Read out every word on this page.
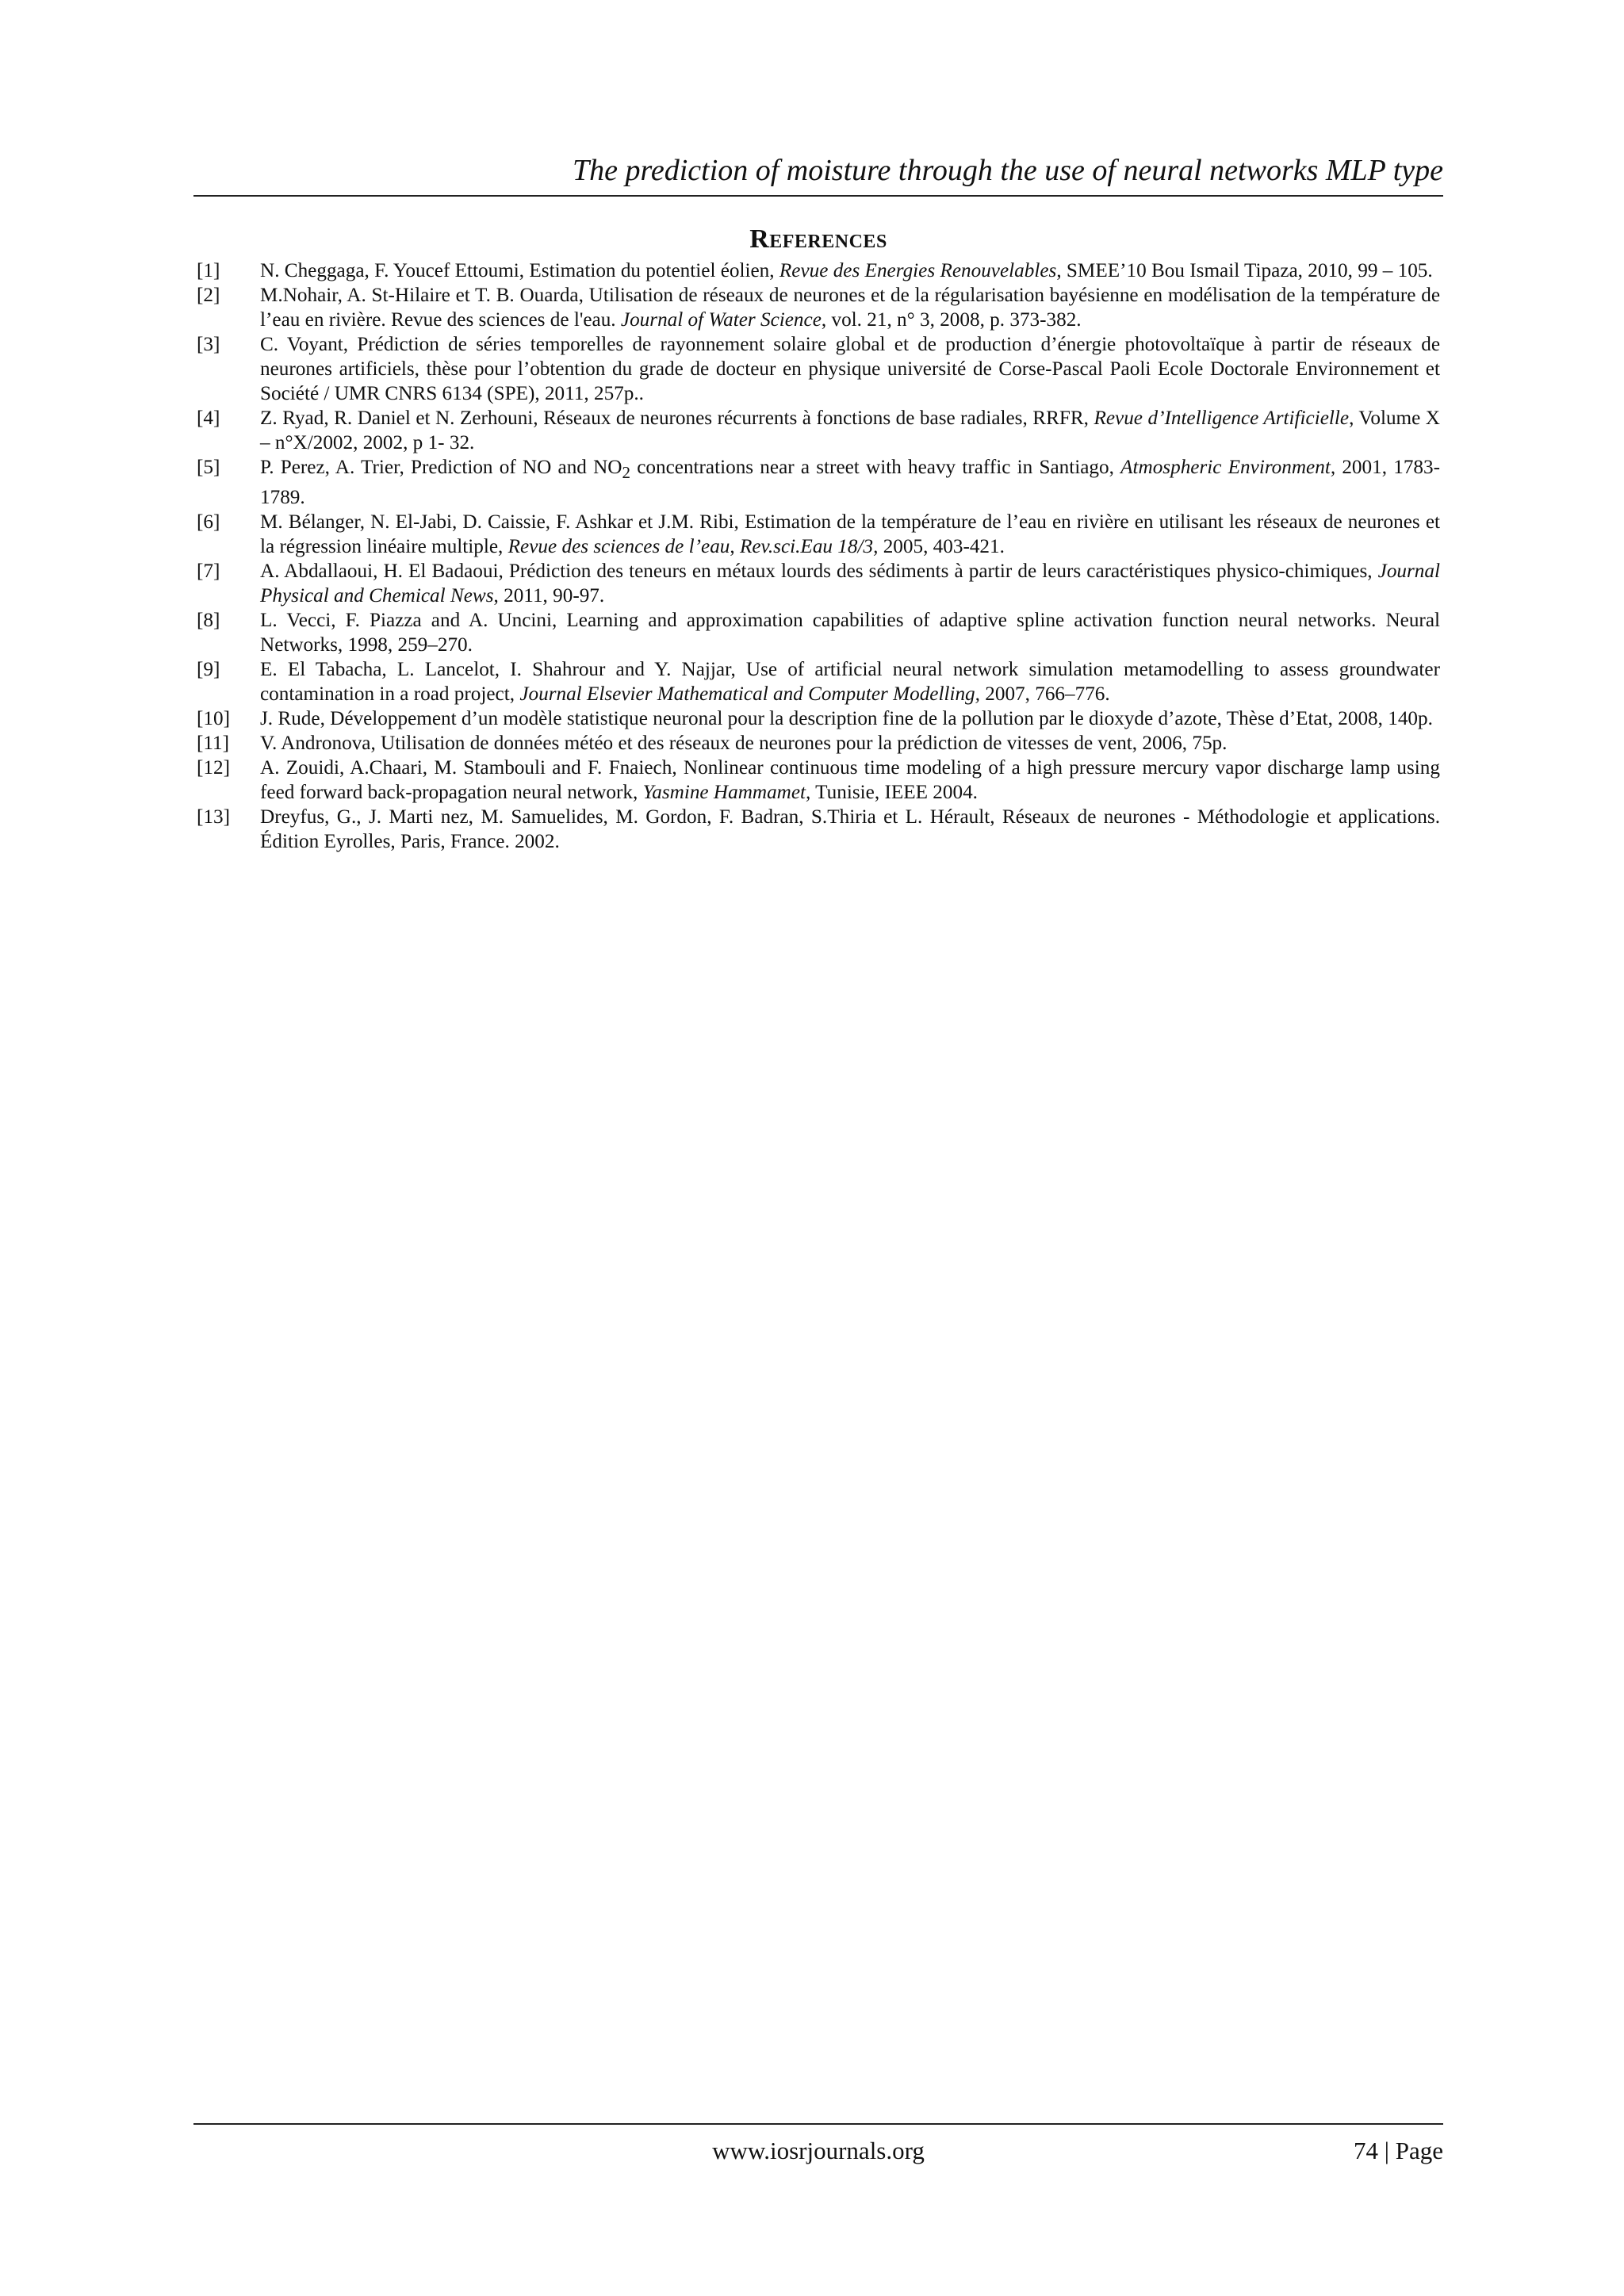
The prediction of moisture through the use of neural networks MLP type
References
[1]	N. Cheggaga, F. Youcef Ettoumi, Estimation du potentiel éolien, Revue des Energies Renouvelables, SMEE’10 Bou Ismail Tipaza, 2010, 99 – 105.
[2]	M.Nohair, A. St-Hilaire et T. B. Ouarda, Utilisation de réseaux de neurones et de la régularisation bayésienne en modélisation de la température de l’eau en rivière. Revue des sciences de l'eau. Journal of Water Science, vol. 21, n° 3, 2008, p. 373-382.
[3]	C. Voyant, Prédiction de séries temporelles de rayonnement solaire global et de production d’énergie photovoltaïque à partir de réseaux de neurones artificiels, thèse pour l’obtention du grade de docteur en physique université de Corse-Pascal Paoli Ecole Doctorale Environnement et Société / UMR CNRS 6134 (SPE), 2011, 257p..
[4]	Z. Ryad, R. Daniel et N. Zerhouni, Réseaux de neurones récurrents à fonctions de base radiales, RRFR, Revue d’Intelligence Artificielle, Volume X – n°X/2002, 2002, p 1- 32.
[5]	P. Perez, A. Trier, Prediction of NO and $NO_2$ concentrations near a street with heavy traffic in Santiago, Atmospheric Environment, 2001, 1783-1789.
[6]	M. Bélanger, N. El-Jabi, D. Caissie, F. Ashkar et J.M. Ribi, Estimation de la température de l’eau en rivière en utilisant les réseaux de neurones et la régression linéaire multiple, Revue des sciences de l’eau, Rev.sci.Eau 18/3, 2005, 403-421.
[7]	A. Abdallaoui, H. El Badaoui, Prédiction des teneurs en métaux lourds des sédiments à partir de leurs caractéristiques physico-chimiques, Journal Physical and Chemical News, 2011, 90-97.
[8]	L. Vecci, F. Piazza and A. Uncini, Learning and approximation capabilities of adaptive spline activation function neural networks. Neural Networks, 1998, 259–270.
[9]	E. El Tabacha, L. Lancelot, I. Shahrour and Y. Najjar, Use of artificial neural network simulation metamodelling to assess groundwater contamination in a road project, Journal Elsevier Mathematical and Computer Modelling, 2007, 766–776.
[10]	J. Rude, Développement d’un modèle statistique neuronal pour la description fine de la pollution par le dioxyde d’azote, Thèse d’Etat, 2008, 140p.
[11]	V. Andronova, Utilisation de données météo et des réseaux de neurones pour la prédiction de vitesses de vent, 2006, 75p.
[12]	A. Zouidi, A.Chaari, M. Stambouli and F. Fnaiech, Nonlinear continuous time modeling of a high pressure mercury vapor discharge lamp using feed forward back-propagation neural network, Yasmine Hammamet, Tunisie, IEEE 2004.
[13]	Dreyfus, G., J. Marti nez, M. Samuelides, M. Gordon, F. Badran, S.Thiria et L. Hérault, Réseaux de neurones - Méthodologie et applications. Édition Eyrolles, Paris, France. 2002.
www.iosrjournals.org	74 | Page
